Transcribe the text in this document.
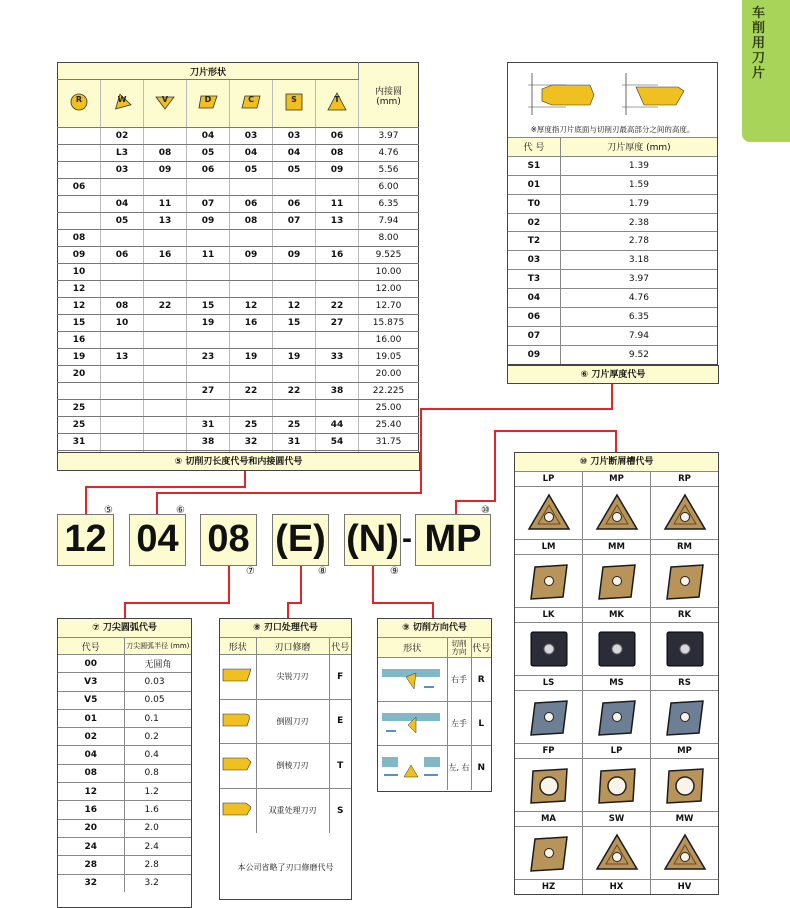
车削用刀片
刀片形状							内接圆
(mm)

R	W	V	D	C	S	T	

	02		04	03	03	06	3.97
	L3	08	05	04	04	08	4.76
	03	09	06	05	05	09	5.56
06							6.00
	04	11	07	06	06	11	6.35
	05	13	09	08	07	13	7.94
08							8.00
09	06	16	11	09	09	16	9.525
10							10.00
12							12.00
12	08	22	15	12	12	22	12.70
15	10		19	16	15	27	15.875
16							16.00
19	13		23	19	19	33	19.05
20							20.00
			27	22	22	38	22.225
25							25.00
25			31	25	25	44	25.40
31			38	32	31	54	31.75

⑤ 切削刃长度代号和内接圆代号
※厚度指刀片底面与切削刃最高部分之间的高度。
代 号	刀片厚度 (mm)
S1	1.39
01	1.59
T0	1.79
02	2.38
T2	2.78
03	3.18
T3	3.97
04	4.76
06	6.35
07	7.94
09	9.52
⑥ 刀片厚度代号
12 04 08 (E) (N) - MP
⑤	⑥
⑦	⑧	⑨
⑩
⑦ 刀尖圆弧代号
代号	刀尖圆弧半径 (mm)
00	无圆角
V3	0.03
V5	0.05
01	0.1
02	0.2
04	0.4
08	0.8
12	1.2
16	1.6
20	2.0
24	2.4
28	2.8
32	3.2
⑧ 刃口处理代号
形状	刃口修磨	代号
	尖锐刀刃	F
	倒圆刀刃	E
	倒棱刀刃	T
	双重处理刀刃	S
本公司省略了刃口修磨代号
⑨ 切削方向代号
形状	切削
方向	代号
	右手	R
	左手	L
	左, 右	N
⑩ 刀片断屑槽代号
LP	MP	RP
LM	MM	RM
LK	MK	RK
LS	MS	RS
FP	LP	MP
MA	SW	MW
HZ	HX	HV
